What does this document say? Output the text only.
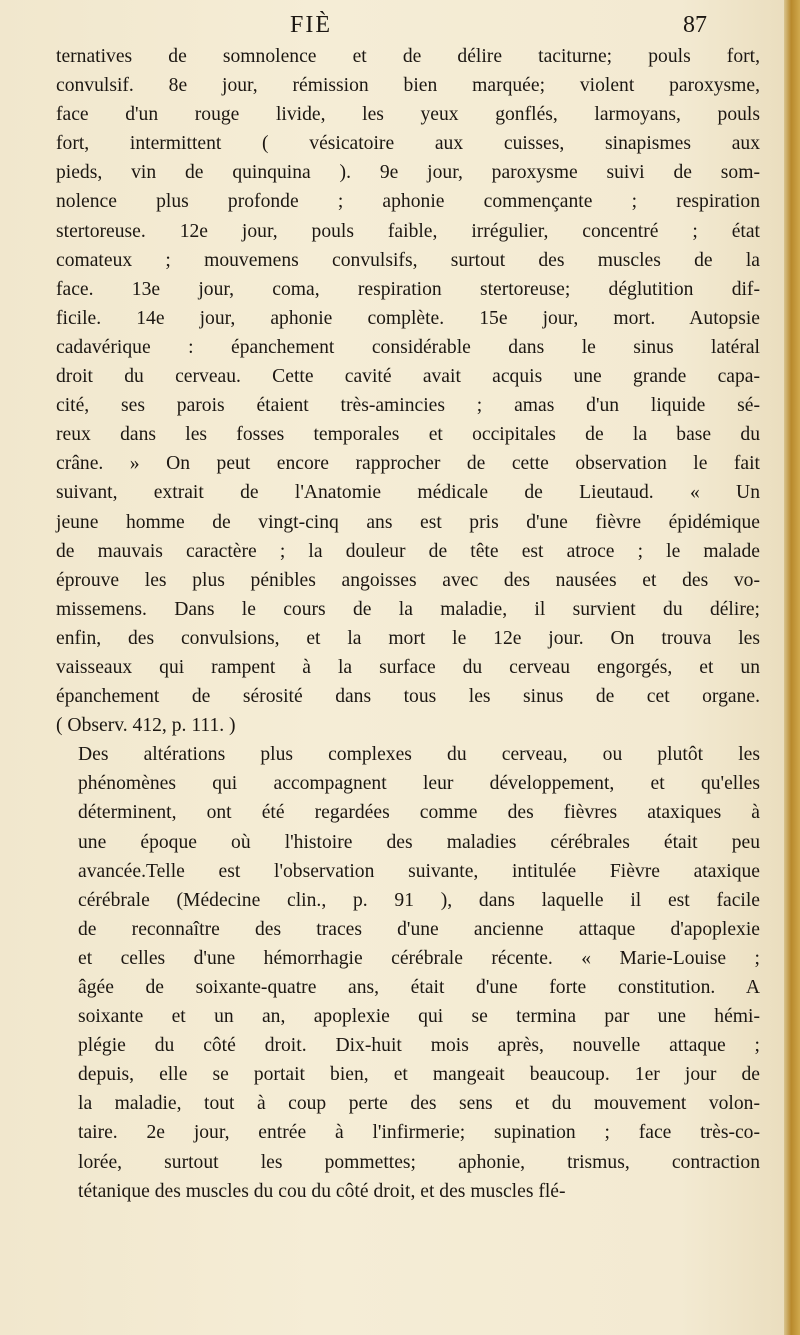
FIÈ	87

ternatives de somnolence et de délire taciturne; pouls fort,
convulsif. 8e jour, rémission bien marquée; violent paroxysme,
face d'un rouge livide, les yeux gonflés, larmoyans, pouls
fort, intermittent ( vésicatoire aux cuisses, sinapismes aux
pieds, vin de quinquina ). 9e jour, paroxysme suivi de som-
nolence plus profonde ; aphonie commençante ; respiration
stertoreuse. 12e jour, pouls faible, irrégulier, concentré ; état
comateux ; mouvemens convulsifs, surtout des muscles de la
face. 13e jour, coma, respiration stertoreuse; déglutition dif-
ficile. 14e jour, aphonie complète. 15e jour, mort. Autopsie
cadavérique : épanchement considérable dans le sinus latéral
droit du cerveau. Cette cavité avait acquis une grande capa-
cité, ses parois étaient très-amincies ; amas d'un liquide sé-
reux dans les fosses temporales et occipitales de la base du
crâne. » On peut encore rapprocher de cette observation le fait
suivant, extrait de l'Anatomie médicale de Lieutaud. « Un
jeune homme de vingt-cinq ans est pris d'une fièvre épidémique
de mauvais caractère ; la douleur de tête est atroce ; le malade
éprouve les plus pénibles angoisses avec des nausées et des vo-
missemens. Dans le cours de la maladie, il survient du délire;
enfin, des convulsions, et la mort le 12e jour. On trouva les
vaisseaux qui rampent à la surface du cerveau engorgés, et un
épanchement de sérosité dans tous les sinus de cet organe.
( Observ. 412, p. 111. )

Des altérations plus complexes du cerveau, ou plutôt les
phénomènes qui accompagnent leur développement, et qu'elles
déterminent, ont été regardées comme des fièvres ataxiques à
une époque où l'histoire des maladies cérébrales était peu
avancée.Telle est l'observation suivante, intitulée Fièvre ataxique
cérébrale (Médecine clin., p. 91 ), dans laquelle il est facile
de reconnaître des traces d'une ancienne attaque d'apoplexie
et celles d'une hémorrhagie cérébrale récente. « Marie-Louise ;
âgée de soixante-quatre ans, était d'une forte constitution. A
soixante et un an, apoplexie qui se termina par une hémi-
plégie du côté droit. Dix-huit mois après, nouvelle attaque ;
depuis, elle se portait bien, et mangeait beaucoup. 1er jour de
la maladie, tout à coup perte des sens et du mouvement volon-
taire. 2e jour, entrée à l'infirmerie; supination ; face très-co-
lorée, surtout les pommettes; aphonie, trismus, contraction
tétanique des muscles du cou du côté droit, et des muscles flé-
